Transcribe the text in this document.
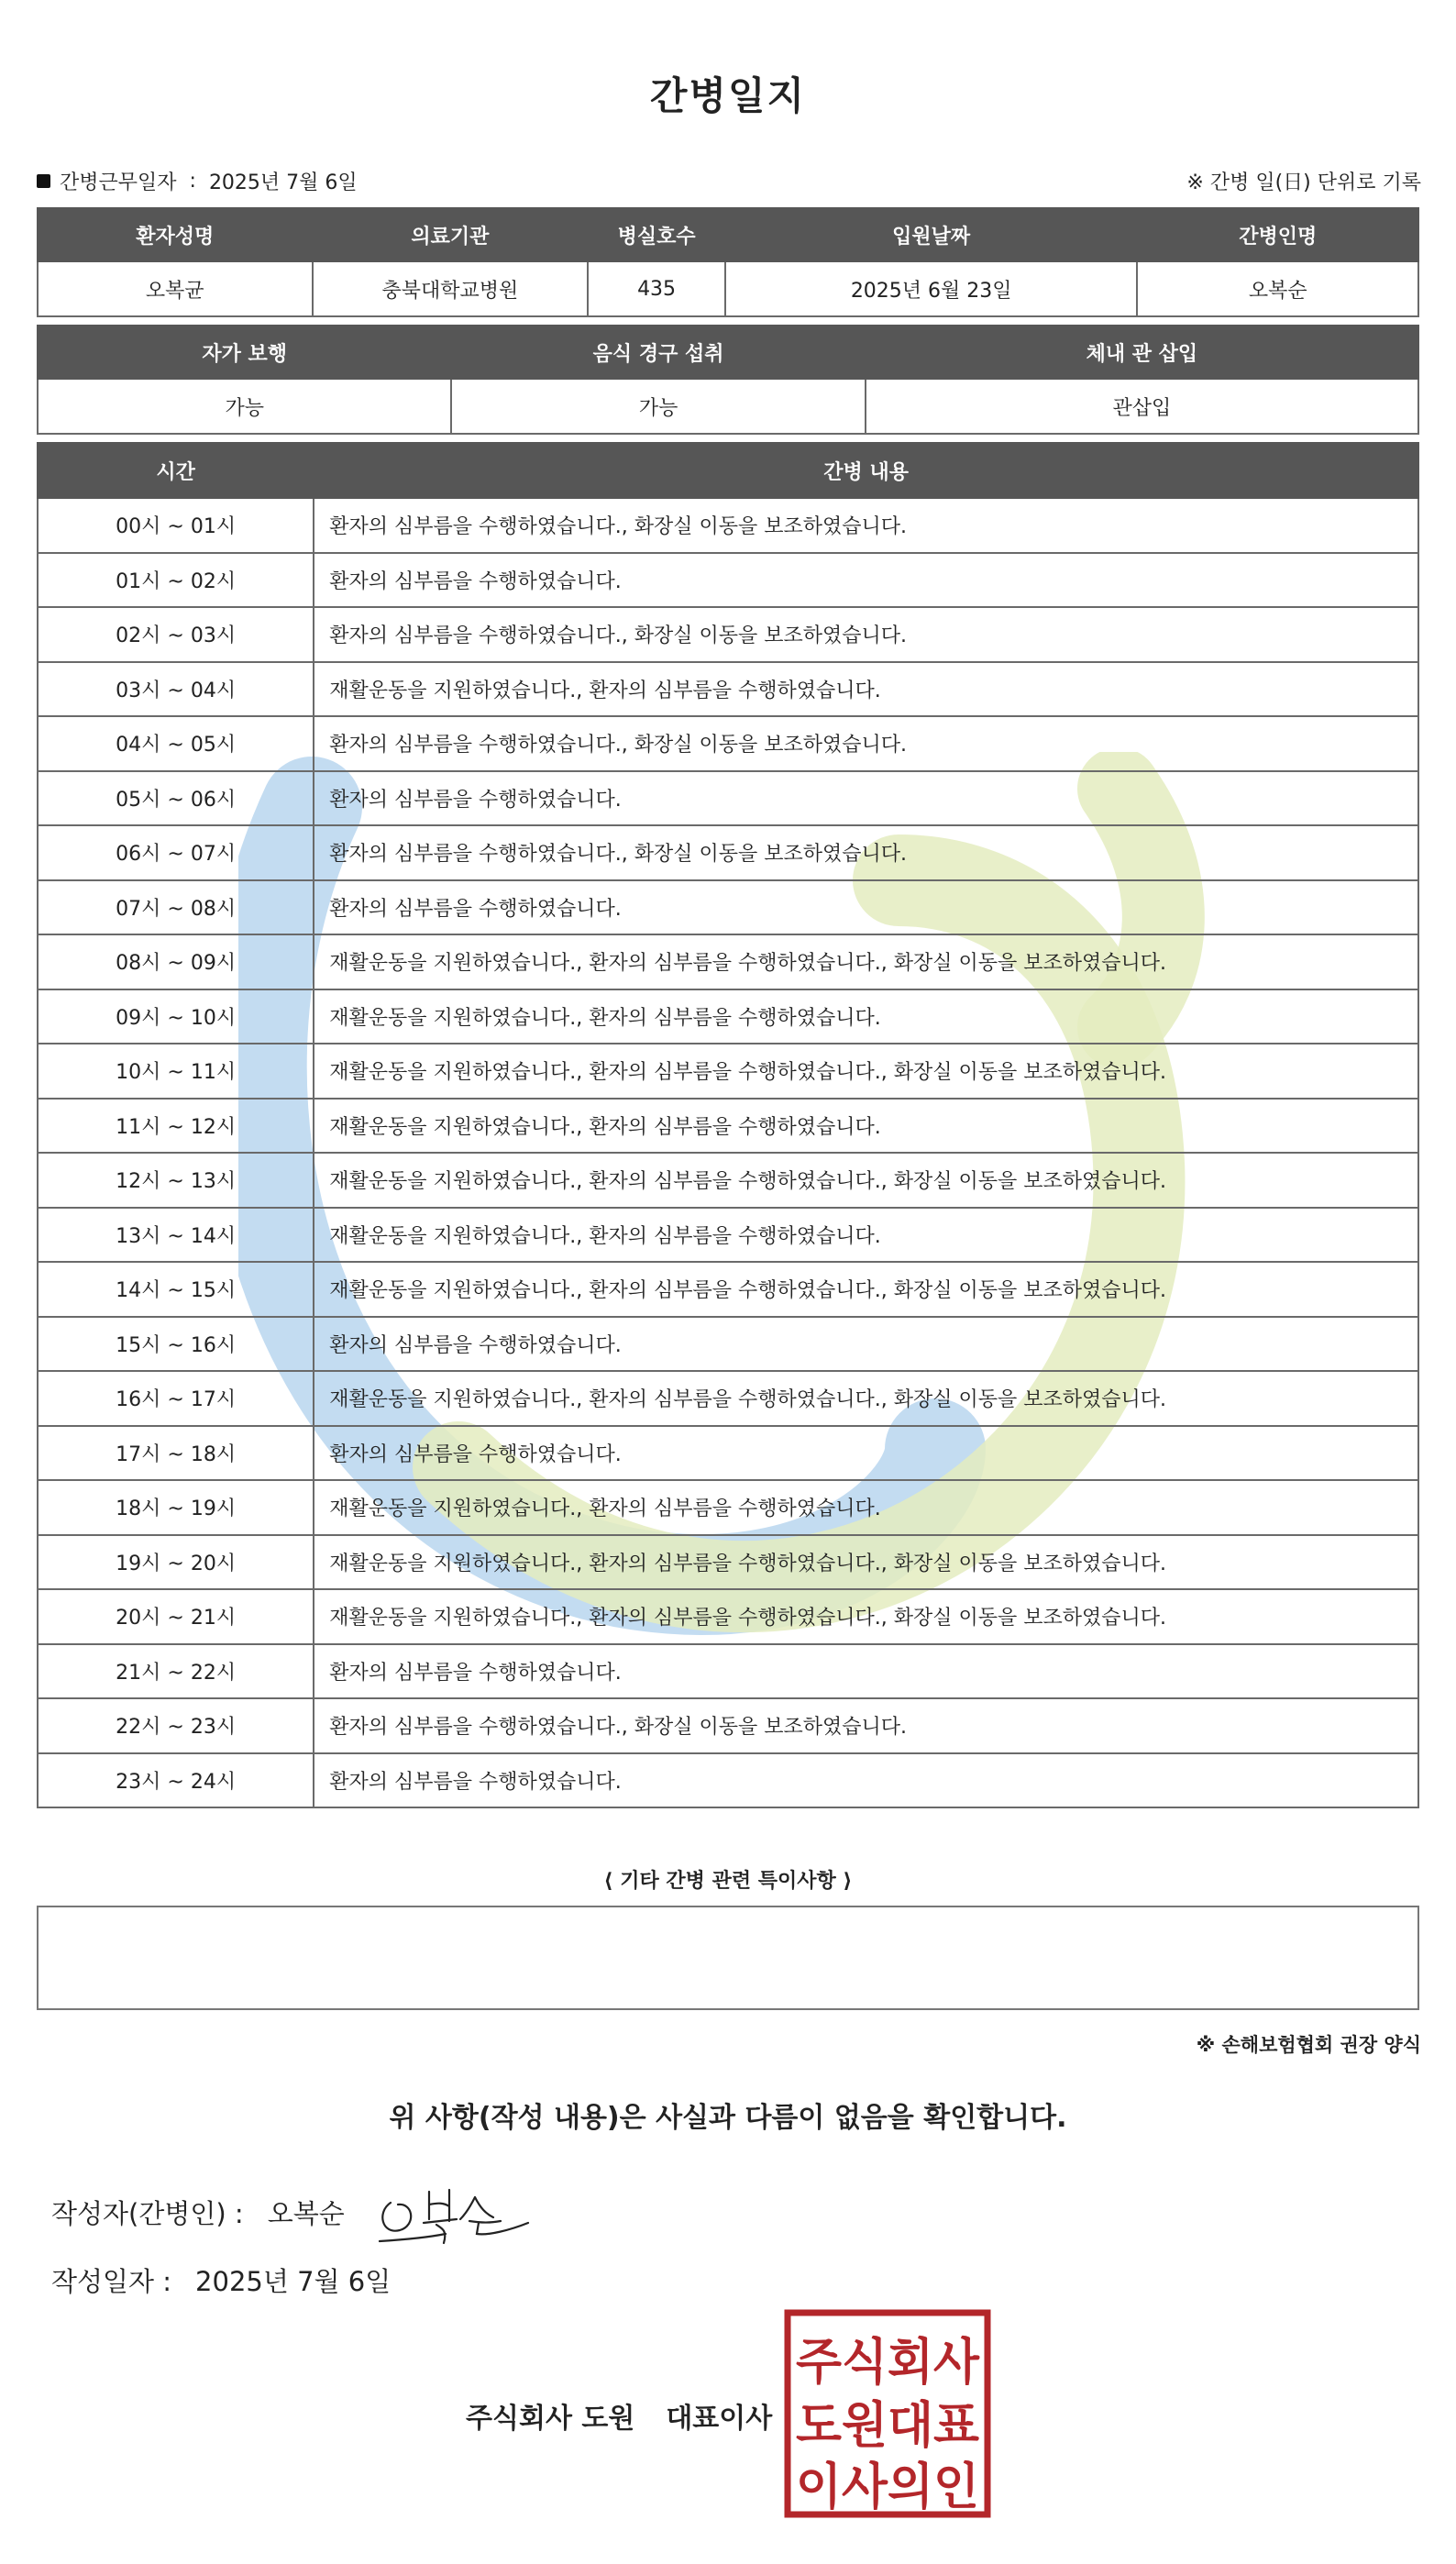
간병일지
간병근무일자 : 2025년 7월 6일	※ 간병 일(日) 단위로 기록
환자성명	의료기관	병실호수	입원날짜	간병인명
오복균	충북대학교병원	435	2025년 6월 23일	오복순
자가 보행	음식 경구 섭취	체내 관 삽입
가능	가능	관삽입
시간	간병 내용
00시 ~ 01시	환자의 심부름을 수행하였습니다., 화장실 이동을 보조하였습니다.
01시 ~ 02시	환자의 심부름을 수행하였습니다.
02시 ~ 03시	환자의 심부름을 수행하였습니다., 화장실 이동을 보조하였습니다.
03시 ~ 04시	재활운동을 지원하였습니다., 환자의 심부름을 수행하였습니다.
04시 ~ 05시	환자의 심부름을 수행하였습니다., 화장실 이동을 보조하였습니다.
05시 ~ 06시	환자의 심부름을 수행하였습니다.
06시 ~ 07시	환자의 심부름을 수행하였습니다., 화장실 이동을 보조하였습니다.
07시 ~ 08시	환자의 심부름을 수행하였습니다.
08시 ~ 09시	재활운동을 지원하였습니다., 환자의 심부름을 수행하였습니다., 화장실 이동을 보조하였습니다.
09시 ~ 10시	재활운동을 지원하였습니다., 환자의 심부름을 수행하였습니다.
10시 ~ 11시	재활운동을 지원하였습니다., 환자의 심부름을 수행하였습니다., 화장실 이동을 보조하였습니다.
11시 ~ 12시	재활운동을 지원하였습니다., 환자의 심부름을 수행하였습니다.
12시 ~ 13시	재활운동을 지원하였습니다., 환자의 심부름을 수행하였습니다., 화장실 이동을 보조하였습니다.
13시 ~ 14시	재활운동을 지원하였습니다., 환자의 심부름을 수행하였습니다.
14시 ~ 15시	재활운동을 지원하였습니다., 환자의 심부름을 수행하였습니다., 화장실 이동을 보조하였습니다.
15시 ~ 16시	환자의 심부름을 수행하였습니다.
16시 ~ 17시	재활운동을 지원하였습니다., 환자의 심부름을 수행하였습니다., 화장실 이동을 보조하였습니다.
17시 ~ 18시	환자의 심부름을 수행하였습니다.
18시 ~ 19시	재활운동을 지원하였습니다., 환자의 심부름을 수행하였습니다.
19시 ~ 20시	재활운동을 지원하였습니다., 환자의 심부름을 수행하였습니다., 화장실 이동을 보조하였습니다.
20시 ~ 21시	재활운동을 지원하였습니다., 환자의 심부름을 수행하였습니다., 화장실 이동을 보조하였습니다.
21시 ~ 22시	환자의 심부름을 수행하였습니다.
22시 ~ 23시	환자의 심부름을 수행하였습니다., 화장실 이동을 보조하였습니다.
23시 ~ 24시	환자의 심부름을 수행하였습니다.
⟨ 기타 간병 관련 특이사항 ⟩
※ 손해보험협회 권장 양식
위 사항(작성 내용)은 사실과 다름이 없음을 확인합니다.
작성자(간병인) : 오복순
작성일자 : 2025년 7월 6일
주식회사 도원 대표이사
주식회사
도원대표
이사의인
